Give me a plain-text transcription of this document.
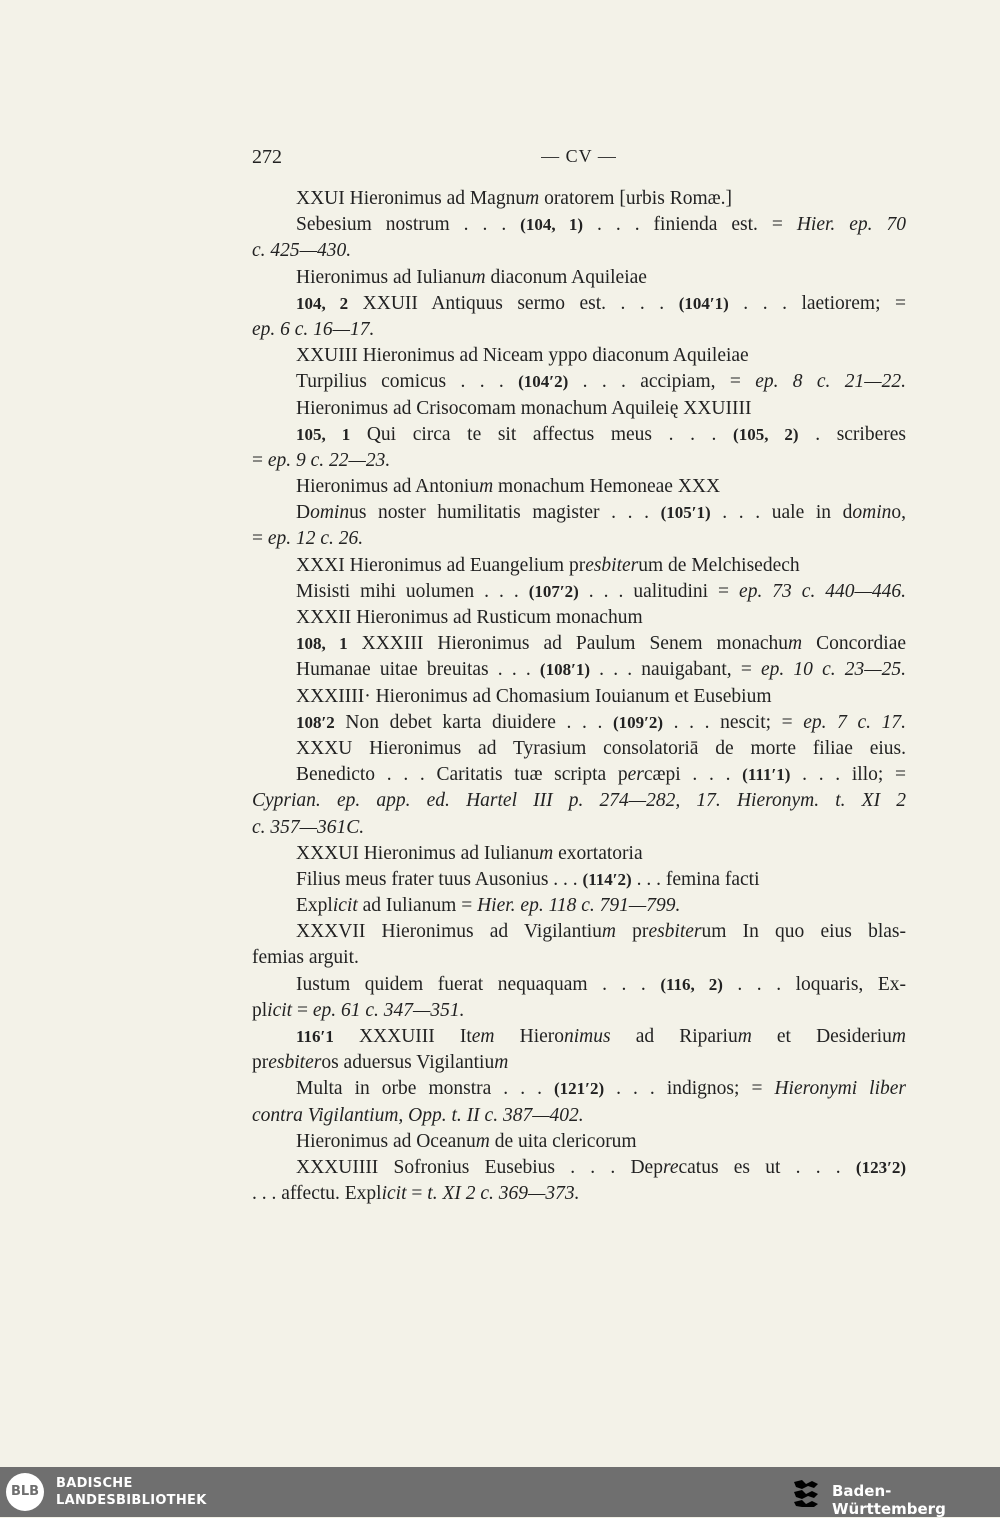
272	— CV —
XXUI Hieronimus ad Magnum oratorem [urbis Romæ.]
Sebesium nostrum . . . (104, 1) . . . finienda est. = Hier. ep. 70
c. 425—430.
Hieronimus ad Iulianum diaconum Aquileiae
104, 2 XXUII Antiquus sermo est. . . . (104′1) . . . laetiorem; =
ep. 6 c. 16—17.
XXUIII Hieronimus ad Niceam yppo diaconum Aquileiae
Turpilius comicus . . . (104′2) . . . accipiam, = ep. 8 c. 21—22.
Hieronimus ad Crisocomam monachum Aquileię XXUIIII
105, 1 Qui circa te sit affectus meus . . . (105, 2) . scriberes
= ep. 9 c. 22—23.
Hieronimus ad Antonium monachum Hemoneae XXX
Dominus noster humilitatis magister . . . (105′1) . . . uale in domino,
= ep. 12 c. 26.
XXXI Hieronimus ad Euangelium presbiterum de Melchisedech
Misisti mihi uolumen . . . (107′2) . . . ualitudini = ep. 73 c. 440—446.
XXXII Hieronimus ad Rusticum monachum
108, 1 XXXIII Hieronimus ad Paulum Senem monachum Concordiae
Humanae uitae breuitas . . . (108′1) . . . nauigabant, = ep. 10 c. 23—25.
XXXIIII· Hieronimus ad Chomasium Iouianum et Eusebium
108′2 Non debet karta diuidere . . . (109′2) . . . nescit; = ep. 7 c. 17.
XXXU Hieronimus ad Tyrasium consolatoriā de morte filiae eius.
Benedicto . . . Caritatis tuæ scripta percæpi . . . (111′1) . . . illo; =
Cyprian. ep. app. ed. Hartel III p. 274—282, 17. Hieronym. t. XI 2
c. 357—361C.
XXXUI Hieronimus ad Iulianum exortatoria
Filius meus frater tuus Ausonius . . . (114′2) . . . femina facti
Explicit ad Iulianum = Hier. ep. 118 c. 791—799.
XXXVII Hieronimus ad Vigilantium presbiterum In quo eius blas-
femias arguit.
Iustum quidem fuerat nequaquam . . . (116, 2) . . . loquaris, Ex-
plicit = ep. 61 c. 347—351.
116′1 XXXUIII Item Hieronimus ad Riparium et Desiderium
presbiteros aduersus Vigilantium
Multa in orbe monstra . . . (121′2) . . . indignos; = Hieronymi liber
contra Vigilantium, Opp. t. II c. 387—402.
Hieronimus ad Oceanum de uita clericorum
XXXUIIII Sofronius Eusebius . . . Deprecatus es ut . . . (123′2)
. . . affectu. Explicit = t. XI 2 c. 369—373.
BLB
BADISCHE
LANDESBIBLIOTHEK
Baden-Württemberg
